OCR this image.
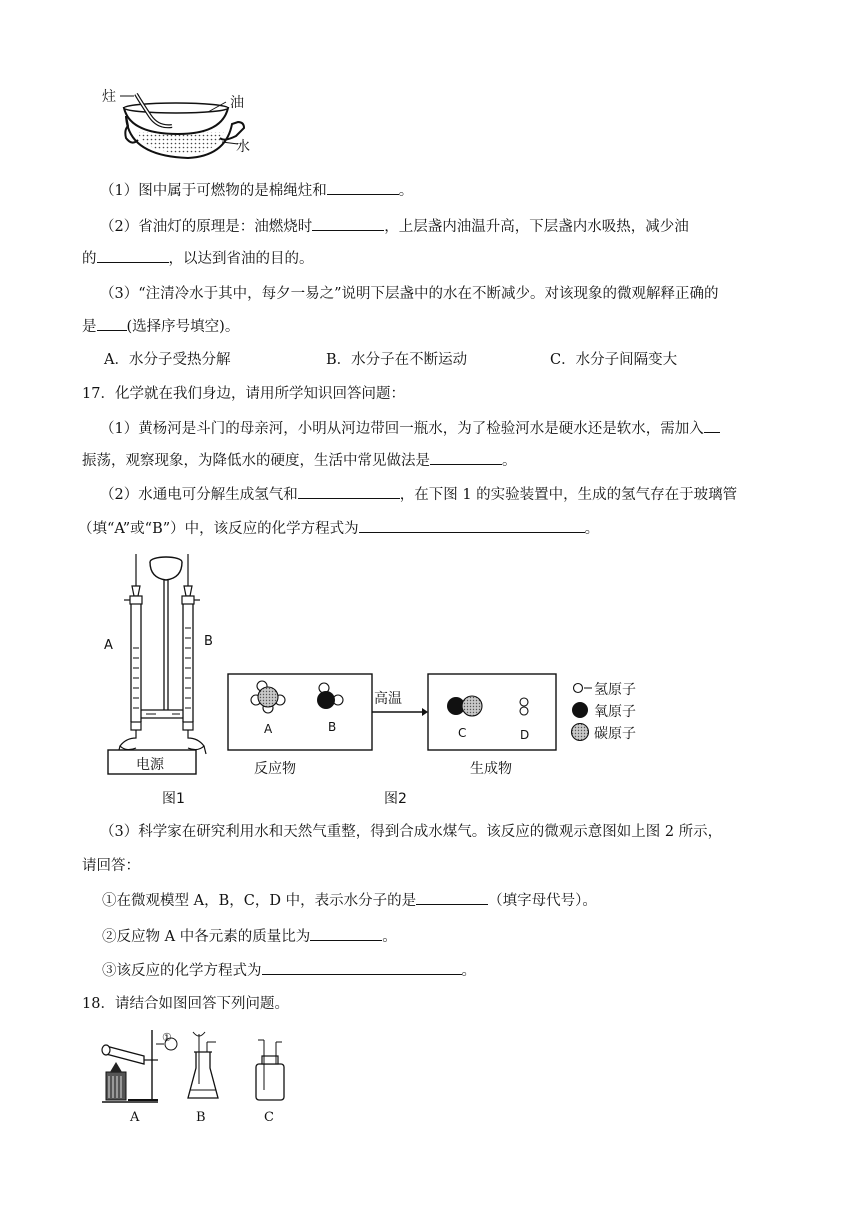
炷	油
水
（1）图中属于可燃物的是棉绳炷和	。
（2）省油灯的原理是：油燃烧时	，上层盏内油温升高，下层盏内水吸热，减少油
的	，以达到省油的目的。
（3）“注清冷水于其中，每夕一易之”说明下层盏中的水在不断减少。对该现象的微观解释正确的
是 (选择序号填空)。
A．水分子受热分解	B．水分子在不断运动	C．水分子间隔变大
17．化学就在我们身边，请用所学知识回答问题：
（1）黄杨河是斗门的母亲河，小明从河边带回一瓶水，为了检验河水是硬水还是软水，需加入
振荡，观察现象，为降低水的硬度，生活中常见做法是	。
（2）水通电可分解生成氢气和	，在下图 1 的实验装置中，生成的氢气存在于玻璃管
（填“A”或“B”）中，该反应的化学方程式为	。
A	B
电源
图1
A	B
高温
C	D
反应物	生成物
图2
氢原子
氧原子
碳原子
（3）科学家在研究利用水和天然气重整，得到合成水煤气。该反应的微观示意图如上图 2 所示，
请回答：
①在微观模型 A，B，C，D 中，表示水分子的是	（填字母代号）。
②反应物 A 中各元素的质量比为	。
③该反应的化学方程式为	。
18．请结合如图回答下列问题。
①
A	B	C
